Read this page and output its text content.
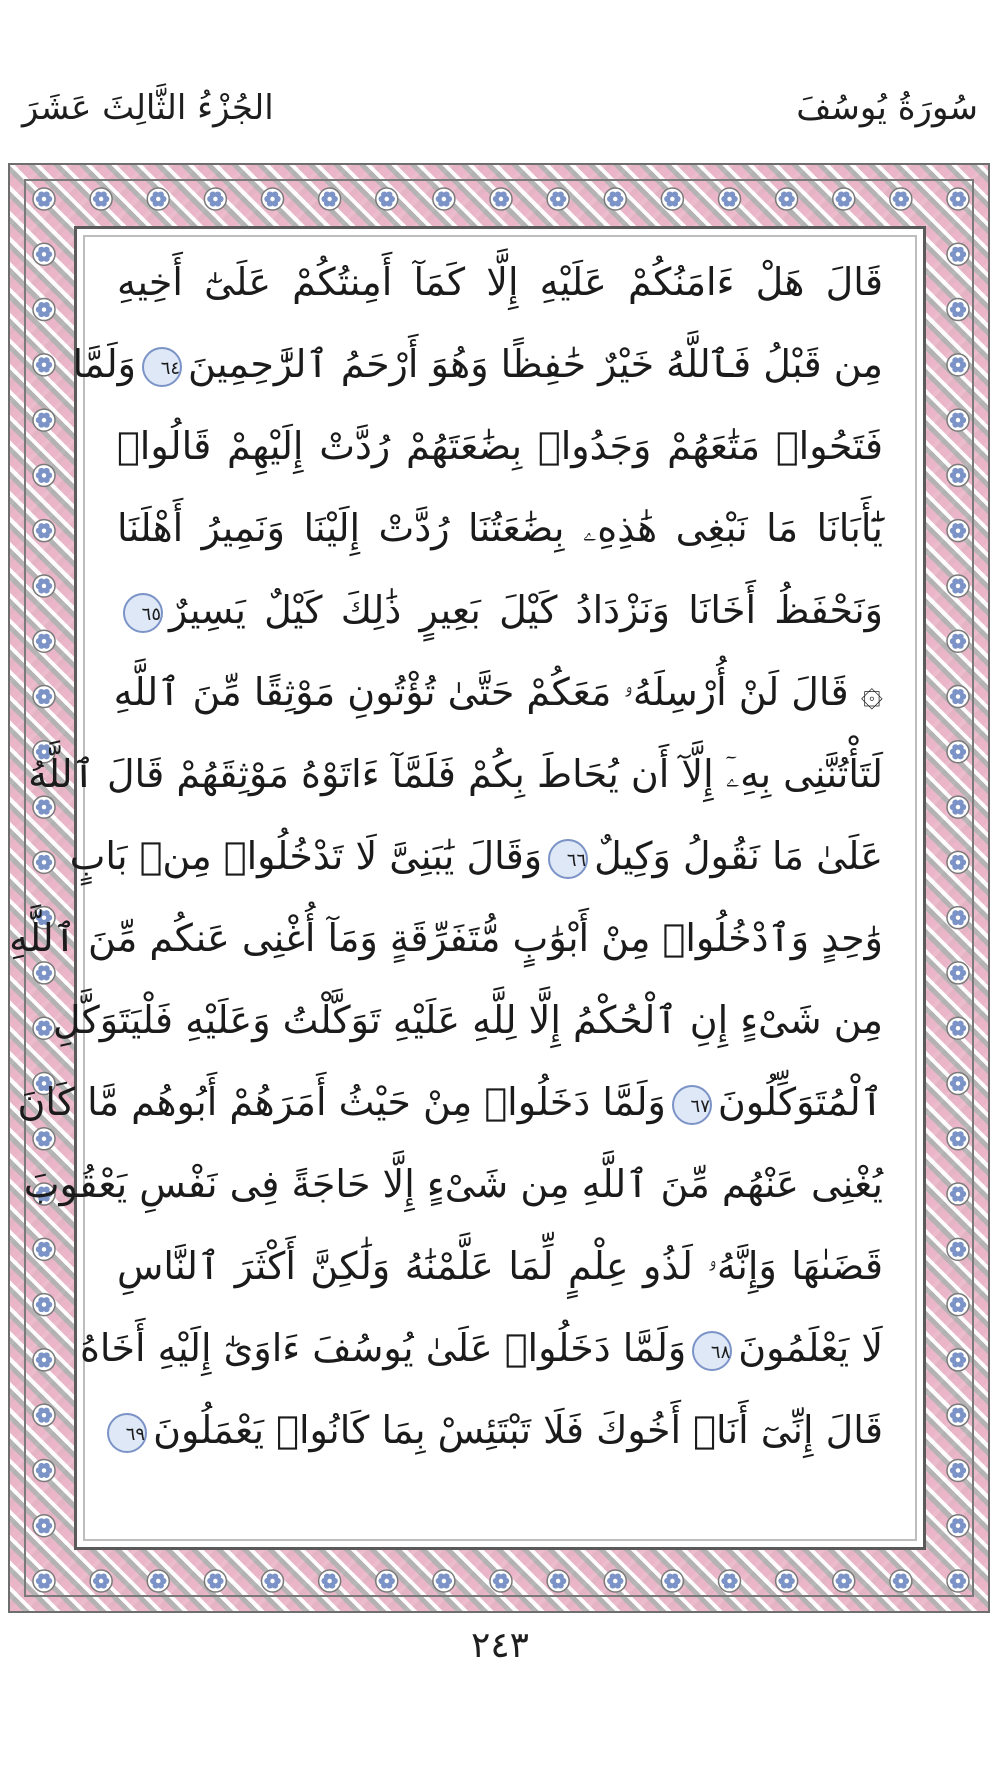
سُورَةُ يُوسُفَ
الجُزْءُ الثَّالِثَ عَشَرَ
قَالَ هَلْ ءَامَنُكُمْ عَلَيْهِ إِلَّا كَمَآ أَمِنتُكُمْ عَلَىٰٓ أَخِيهِ
مِن قَبْلُ فَٱللَّهُ خَيْرٌ حَٰفِظًا وَهُوَ أَرْحَمُ ٱلرَّٰحِمِينَ٦٤وَلَمَّا
فَتَحُوا۟ مَتَٰعَهُمْ وَجَدُوا۟ بِضَٰعَتَهُمْ رُدَّتْ إِلَيْهِمْ قَالُوا۟
يَٰٓأَبَانَا مَا نَبْغِى هَٰذِهِۦ بِضَٰعَتُنَا رُدَّتْ إِلَيْنَا وَنَمِيرُ أَهْلَنَا
وَنَحْفَظُ أَخَانَا وَنَزْدَادُ كَيْلَ بَعِيرٍ ذَٰلِكَ كَيْلٌ يَسِيرٌ٦٥
۞ قَالَ لَنْ أُرْسِلَهُۥ مَعَكُمْ حَتَّىٰ تُؤْتُونِ مَوْثِقًا مِّنَ ٱللَّهِ
لَتَأْتُنَّنِى بِهِۦٓ إِلَّآ أَن يُحَاطَ بِكُمْ فَلَمَّآ ءَاتَوْهُ مَوْثِقَهُمْ قَالَ ٱللَّهُ
عَلَىٰ مَا نَقُولُ وَكِيلٌ٦٦وَقَالَ يَٰبَنِىَّ لَا تَدْخُلُوا۟ مِنۢ بَابٍ
وَٰحِدٍ وَٱدْخُلُوا۟ مِنْ أَبْوَٰبٍ مُّتَفَرِّقَةٍ وَمَآ أُغْنِى عَنكُم مِّنَ ٱللَّهِ
مِن شَىْءٍ إِنِ ٱلْحُكْمُ إِلَّا لِلَّهِ عَلَيْهِ تَوَكَّلْتُ وَعَلَيْهِ فَلْيَتَوَكَّلِ
ٱلْمُتَوَكِّلُونَ٦٧وَلَمَّا دَخَلُوا۟ مِنْ حَيْثُ أَمَرَهُمْ أَبُوهُم مَّا كَانَ
يُغْنِى عَنْهُم مِّنَ ٱللَّهِ مِن شَىْءٍ إِلَّا حَاجَةً فِى نَفْسِ يَعْقُوبَ
قَضَىٰهَا وَإِنَّهُۥ لَذُو عِلْمٍ لِّمَا عَلَّمْنَٰهُ وَلَٰكِنَّ أَكْثَرَ ٱلنَّاسِ
لَا يَعْلَمُونَ٦٨وَلَمَّا دَخَلُوا۟ عَلَىٰ يُوسُفَ ءَاوَىٰٓ إِلَيْهِ أَخَاهُ
قَالَ إِنِّىٓ أَنَا۠ أَخُوكَ فَلَا تَبْتَئِسْ بِمَا كَانُوا۟ يَعْمَلُونَ٦٩
٢٤٣
